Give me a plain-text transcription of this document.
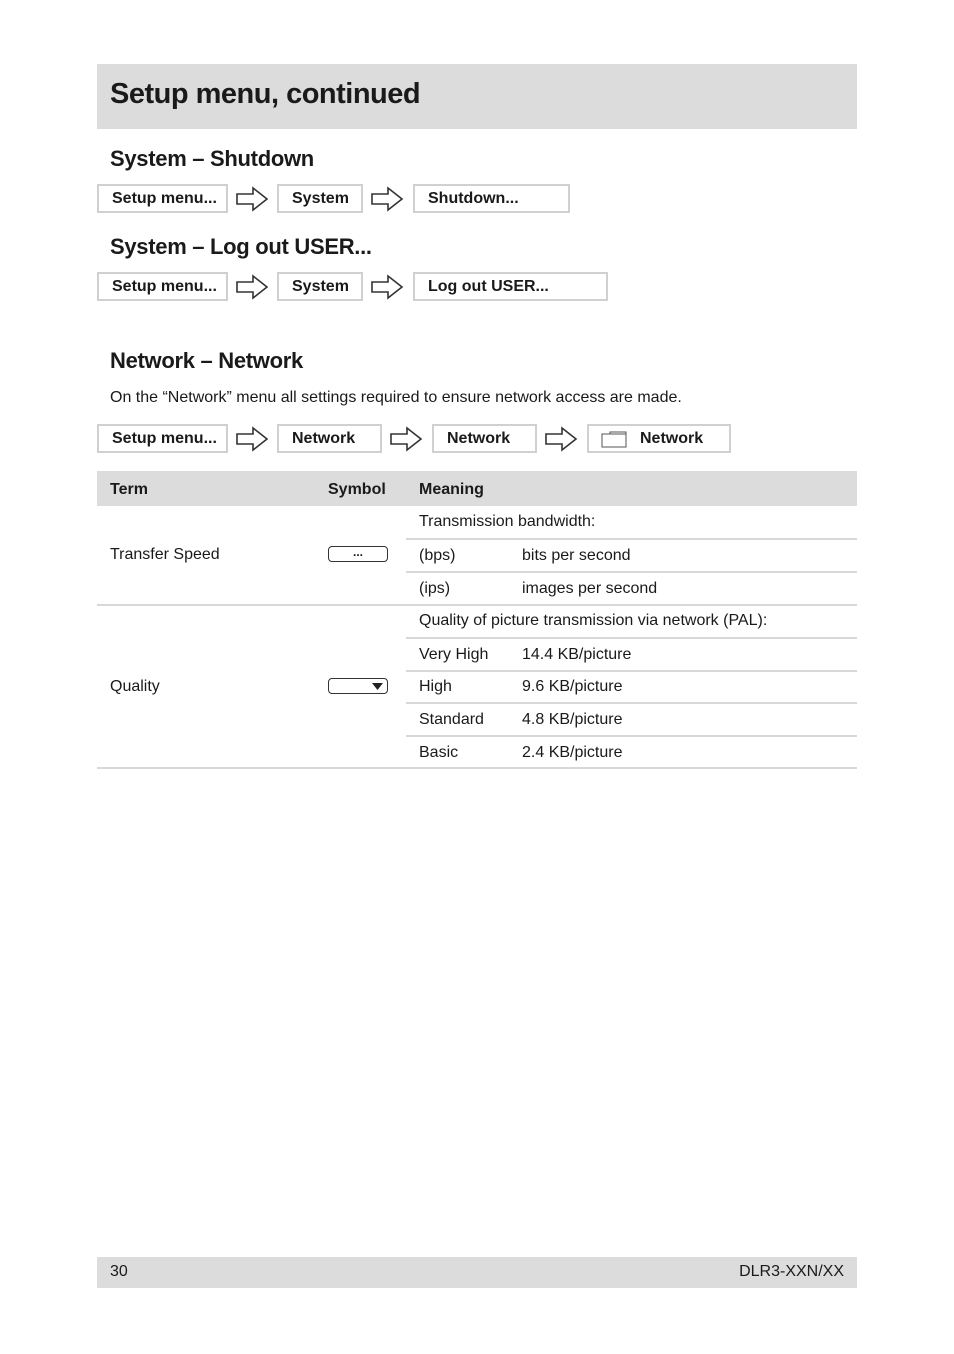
Setup menu, continued
System – Shutdown
Setup menu...	System	Shutdown...
System – Log out USER...
Setup menu...	System	Log out USER...
Network – Network
On the “Network” menu all settings required to ensure network access are made.
Setup menu...	Network	Network	Network
Term	Symbol Meaning
Transfer Speed	...
Transmission bandwidth:
(bps)	bits per second
(ips)	images per second
Quality
Quality of picture transmission via network (PAL):
Very High 14.4 KB/picture
High	9.6 KB/picture
Standard 4.8 KB/picture
Basic	2.4 KB/picture
30	DLR3-XXN/XX
